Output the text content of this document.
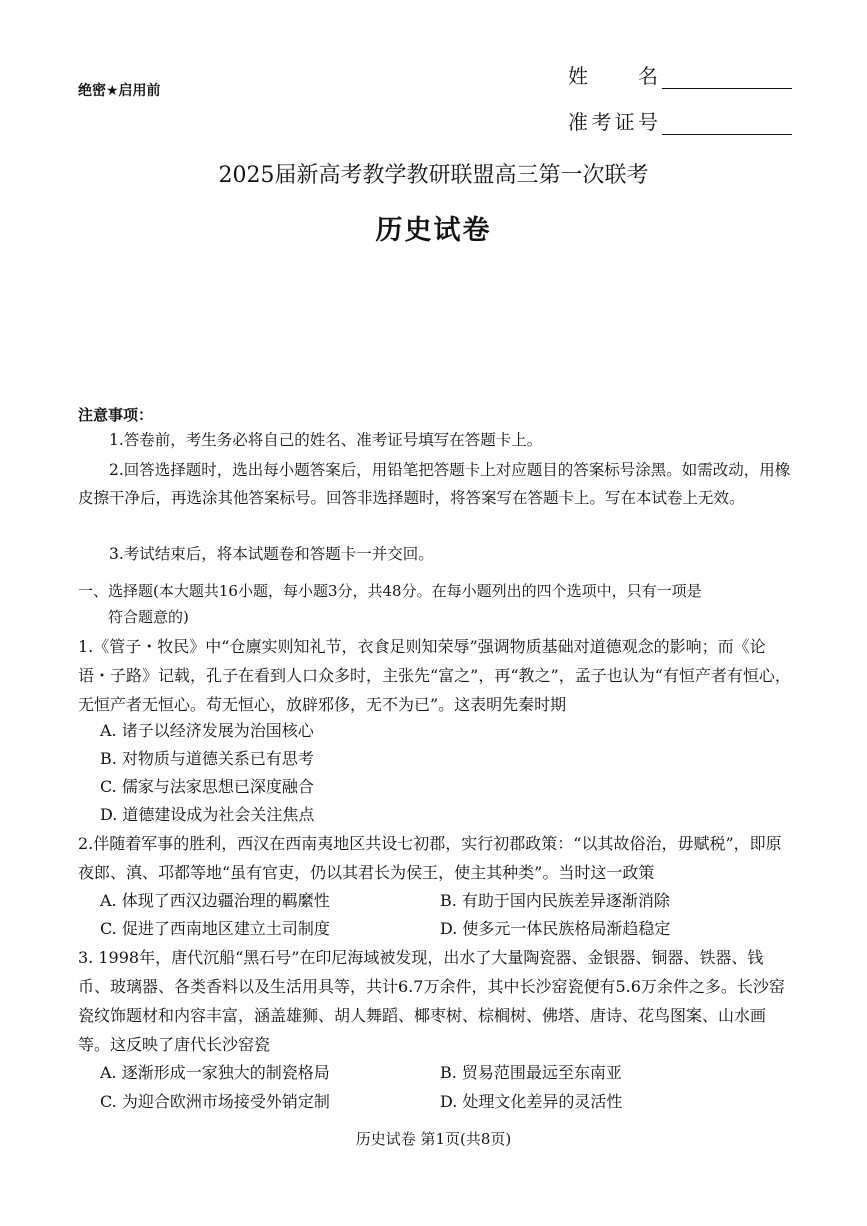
绝密★启用前
姓名
准考证号
2025届新高考教学教研联盟高三第一次联考
历史试卷
注意事项：
1.答卷前，考生务必将自己的姓名、准考证号填写在答题卡上。
2.回答选择题时，选出每小题答案后，用铅笔把答题卡上对应题目的答案标号涂黑。如需改动，用橡皮擦干净后，再选涂其他答案标号。回答非选择题时，将答案写在答题卡上。写在本试卷上无效。
3.考试结束后，将本试题卷和答题卡一并交回。
一、选择题(本大题共16小题，每小题3分，共48分。在每小题列出的四个选项中，只有一项是
符合题意的)
1.《管子・牧民》中“仓廪实则知礼节，衣食足则知荣辱”强调物质基础对道德观念的影响；而《论语・子路》记载，孔子在看到人口众多时，主张先“富之”，再“教之”，孟子也认为“有恒产者有恒心，无恒产者无恒心。苟无恒心，放辟邪侈，无不为已”。这表明先秦时期
A. 诸子以经济发展为治国核心
B. 对物质与道德关系已有思考
C. 儒家与法家思想已深度融合
D. 道德建设成为社会关注焦点
2.伴随着军事的胜利，西汉在西南夷地区共设七初郡，实行初郡政策：“以其故俗治，毋赋税”，即原夜郎、滇、邛都等地“虽有官吏，仍以其君长为侯王，使主其种类”。当时这一政策
A. 体现了西汉边疆治理的羁縻性	B. 有助于国内民族差异逐渐消除
C. 促进了西南地区建立土司制度	D. 使多元一体民族格局渐趋稳定
3. 1998年，唐代沉船“黑石号”在印尼海域被发现，出水了大量陶瓷器、金银器、铜器、铁器、钱币、玻璃器、各类香料以及生活用具等，共计6.7万余件，其中长沙窑瓷便有5.6万余件之多。长沙窑瓷纹饰题材和内容丰富，涵盖雄狮、胡人舞蹈、椰枣树、棕榈树、佛塔、唐诗、花鸟图案、山水画等。这反映了唐代长沙窑瓷
A. 逐渐形成一家独大的制瓷格局	B. 贸易范围最远至东南亚
C. 为迎合欧洲市场接受外销定制	D. 处理文化差异的灵活性
历史试卷 第1页(共8页)
